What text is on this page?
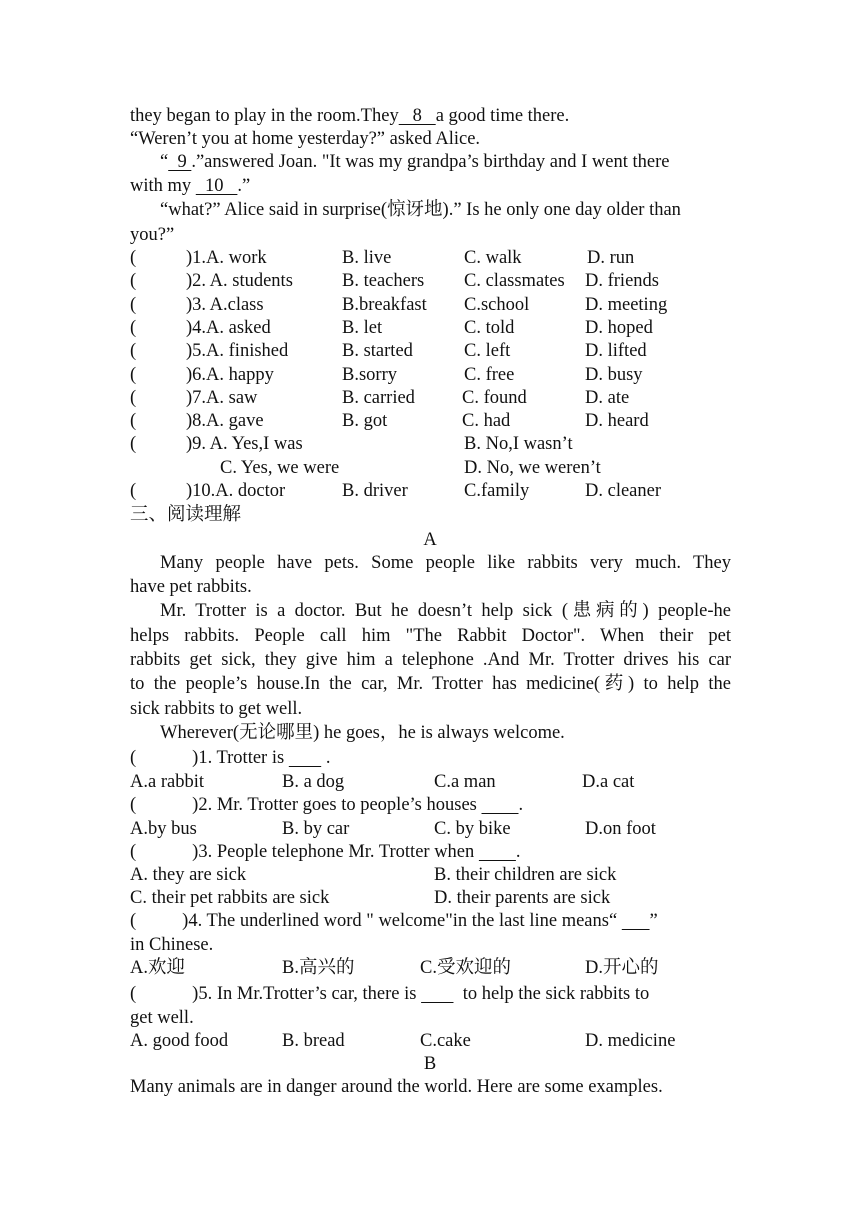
they began to play in the room.They   8   a good time there.
“Weren’t you at home yesterday?” asked Alice.
“  9 .”answered Joan. "It was my grandpa’s birthday and I went there
with my   10   .”
“what?” Alice said in surprise(惊讶地).” Is he only one day older than
you?”
(	)1.A. work	B. live	C. walk	D. run
(	)2. A. students	B. teachers C. classmates D. friends
(	)3. A.class	B.breakfast C.school	D. meeting
(	)4.A. asked	B. let	C. told	D. hoped
(	)5.A. finished	B. started	C. left	D. lifted
(	)6.A. happy	B.sorry	C. free	D. busy
(	)7.A. saw	B. carried	C. found	D. ate
(	)8.A. gave	B. got	C. had	D. heard
(	)9. A. Yes,I was	B. No,I wasn’t
C. Yes, we were	D. No, we weren’t
(	)10.A. doctor	B. driver	C.family	D. cleaner
三、阅读理解
A
Many people have pets. Some people like rabbits very much. They
have pet rabbits.
Mr. Trotter is a doctor. But he doesn’t help sick (患病的) people-he
helps rabbits. People call him "The Rabbit Doctor". When their pet
rabbits get sick, they give him a telephone .And Mr. Trotter drives his car
to the people’s house.In the car, Mr. Trotter has medicine(药) to help the
sick rabbits to get well.
Wherever(无论哪里) he goes，he is always welcome.
(	)1. Trotter is         .
A.a rabbit	B. a dog	C.a man	D.a cat
(	)2. Mr. Trotter goes to people’s houses         .
A.by bus	B. by car	C. by bike	D.on foot
(	)3. People telephone Mr. Trotter when         .
A. they are sick	B. their children are sick
C. their pet rabbits are sick	D. their parents are sick
( )4. The underlined word " welcome"in the last line means“       ”
in Chinese.
A.欢迎	B.高兴的	C.受欢迎的	D.开心的
(	)5. In Mr.Trotter’s car, there is          to help the sick rabbits to
get well.
A. good food	B. bread	C.cake	D. medicine
B
Many animals are in danger around the world. Here are some examples.
